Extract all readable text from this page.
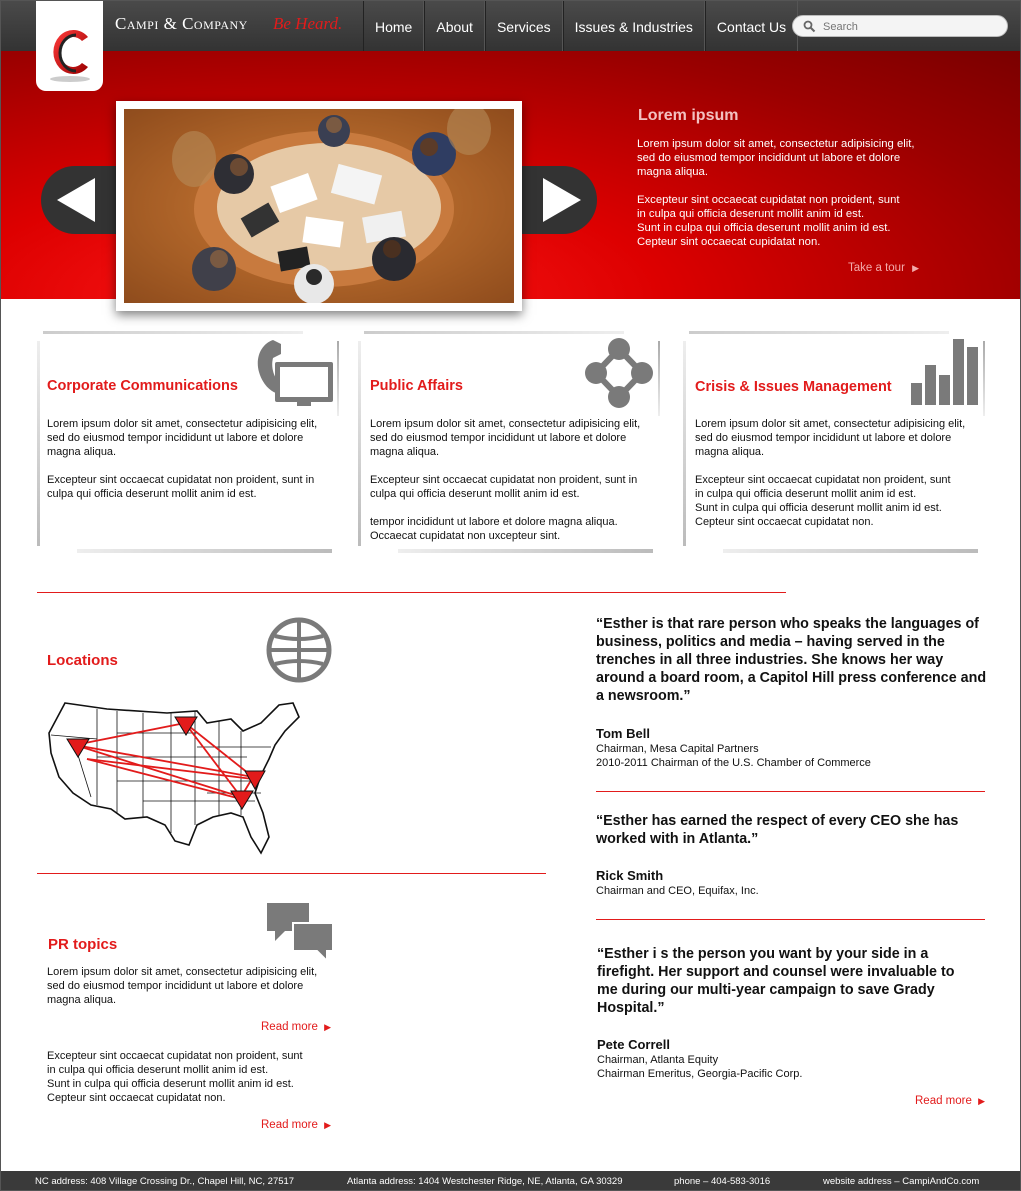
Campi & Company Be Heard.	Home	About	Services	Issues & Industries	Contact Us
Search
Lorem ipsum
Lorem ipsum dolor sit amet, consectetur adipisicing elit, sed do eiusmod tempor incididunt ut labore et dolore magna aliqua.
Excepteur sint occaecat cupidatat non proident, sunt
in culpa qui officia deserunt mollit anim id est.
Sunt in culpa qui officia deserunt mollit anim id est.
Cepteur sint occaecat cupidatat non.
Take a tour ▶
Corporate Communications
Lorem ipsum dolor sit amet, consectetur adipisicing elit, sed do eiusmod tempor incididunt ut labore et dolore magna aliqua.
Excepteur sint occaecat cupidatat non proident, sunt in culpa qui officia deserunt mollit anim id est.
Public Affairs
Lorem ipsum dolor sit amet, consectetur adipisicing elit, sed do eiusmod tempor incididunt ut labore et dolore magna aliqua.
Excepteur sint occaecat cupidatat non proident, sunt in culpa qui officia deserunt mollit anim id est.
tempor incididunt ut labore et dolore magna aliqua. Occaecat cupidatat non uxcepteur sint.
Crisis & Issues Management
Lorem ipsum dolor sit amet, consectetur adipisicing elit, sed do eiusmod tempor incididunt ut labore et dolore magna aliqua.
Excepteur sint occaecat cupidatat non proident, sunt
in culpa qui officia deserunt mollit anim id est.
Sunt in culpa qui officia deserunt mollit anim id est.
Cepteur sint occaecat cupidatat non.
Locations
PR topics
Lorem ipsum dolor sit amet, consectetur adipisicing elit, sed do eiusmod tempor incididunt ut labore et dolore magna aliqua.
Read more ▶
Excepteur sint occaecat cupidatat non proident, sunt
in culpa qui officia deserunt mollit anim id est.
Sunt in culpa qui officia deserunt mollit anim id est.
Cepteur sint occaecat cupidatat non.
Read more ▶
“Esther is that rare person who speaks the languages of business, politics and media – having served in the trenches in all three industries. She knows her way around a board room, a Capitol Hill press conference and a newsroom.”
Tom Bell
Chairman, Mesa Capital Partners
2010-2011 Chairman of the U.S. Chamber of Commerce
“Esther has earned the respect of every CEO she has worked with in Atlanta.”
Rick Smith
Chairman and CEO, Equifax, Inc.
“Esther i s the person you want by your side in a firefight. Her support and counsel were invaluable to me during our multi-year campaign to save Grady Hospital.”
Pete Correll
Chairman, Atlanta Equity
Chairman Emeritus, Georgia-Pacific Corp.
Read more ▶
NC address: 408 Village Crossing Dr., Chapel Hill, NC, 27517	Atlanta address: 1404 Westchester Ridge, NE, Atlanta, GA 30329	phone – 404-583-3016	website address – CampiAndCo.com
